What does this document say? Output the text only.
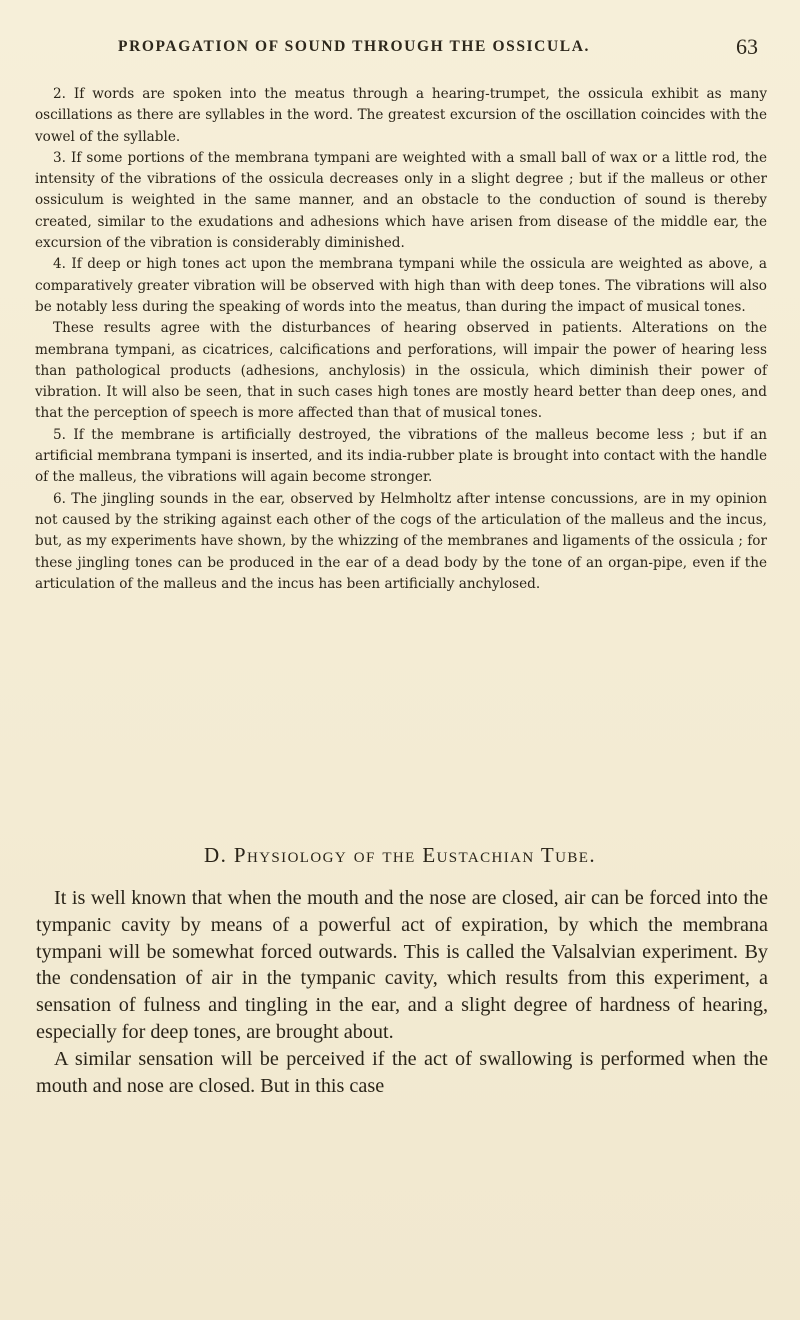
PROPAGATION OF SOUND THROUGH THE OSSICULA.	63

2. If words are spoken into the meatus through a hearing-trumpet, the ossicula exhibit as many oscillations as there are syllables in the word. The greatest excursion of the oscillation coincides with the vowel of the syllable.

3. If some portions of the membrana tympani are weighted with a small ball of wax or a little rod, the intensity of the vibrations of the ossicula decreases only in a slight degree ; but if the malleus or other ossiculum is weighted in the same manner, and an obstacle to the conduction of sound is thereby created, similar to the exudations and adhesions which have arisen from disease of the middle ear, the excursion of the vibration is considerably diminished.

4. If deep or high tones act upon the membrana tympani while the ossicula are weighted as above, a comparatively greater vibration will be observed with high than with deep tones. The vibrations will also be notably less during the speaking of words into the meatus, than during the impact of musical tones.

These results agree with the disturbances of hearing observed in patients. Alterations on the membrana tympani, as cicatrices, calcifications and perforations, will impair the power of hearing less than pathological products (adhesions, anchylosis) in the ossicula, which diminish their power of vibration. It will also be seen, that in such cases high tones are mostly heard better than deep ones, and that the perception of speech is more affected than that of musical tones.

5. If the membrane is artificially destroyed, the vibrations of the malleus become less ; but if an artificial membrana tympani is inserted, and its india-rubber plate is brought into contact with the handle of the malleus, the vibrations will again become stronger.

6. The jingling sounds in the ear, observed by Helmholtz after intense concussions, are in my opinion not caused by the striking against each other of the cogs of the articulation of the malleus and the incus, but, as my experiments have shown, by the whizzing of the membranes and ligaments of the ossicula ; for these jingling tones can be produced in the ear of a dead body by the tone of an organ-pipe, even if the articulation of the malleus and the incus has been artificially anchylosed.

D. Physiology of the Eustachian Tube.

It is well known that when the mouth and the nose are closed, air can be forced into the tympanic cavity by means of a powerful act of expiration, by which the membrana tympani will be somewhat forced outwards. This is called the Valsalvian experiment. By the condensation of air in the tympanic cavity, which results from this experiment, a sensation of fulness and tingling in the ear, and a slight degree of hardness of hearing, especially for deep tones, are brought about.

A similar sensation will be perceived if the act of swallowing is performed when the mouth and nose are closed. But in this case
